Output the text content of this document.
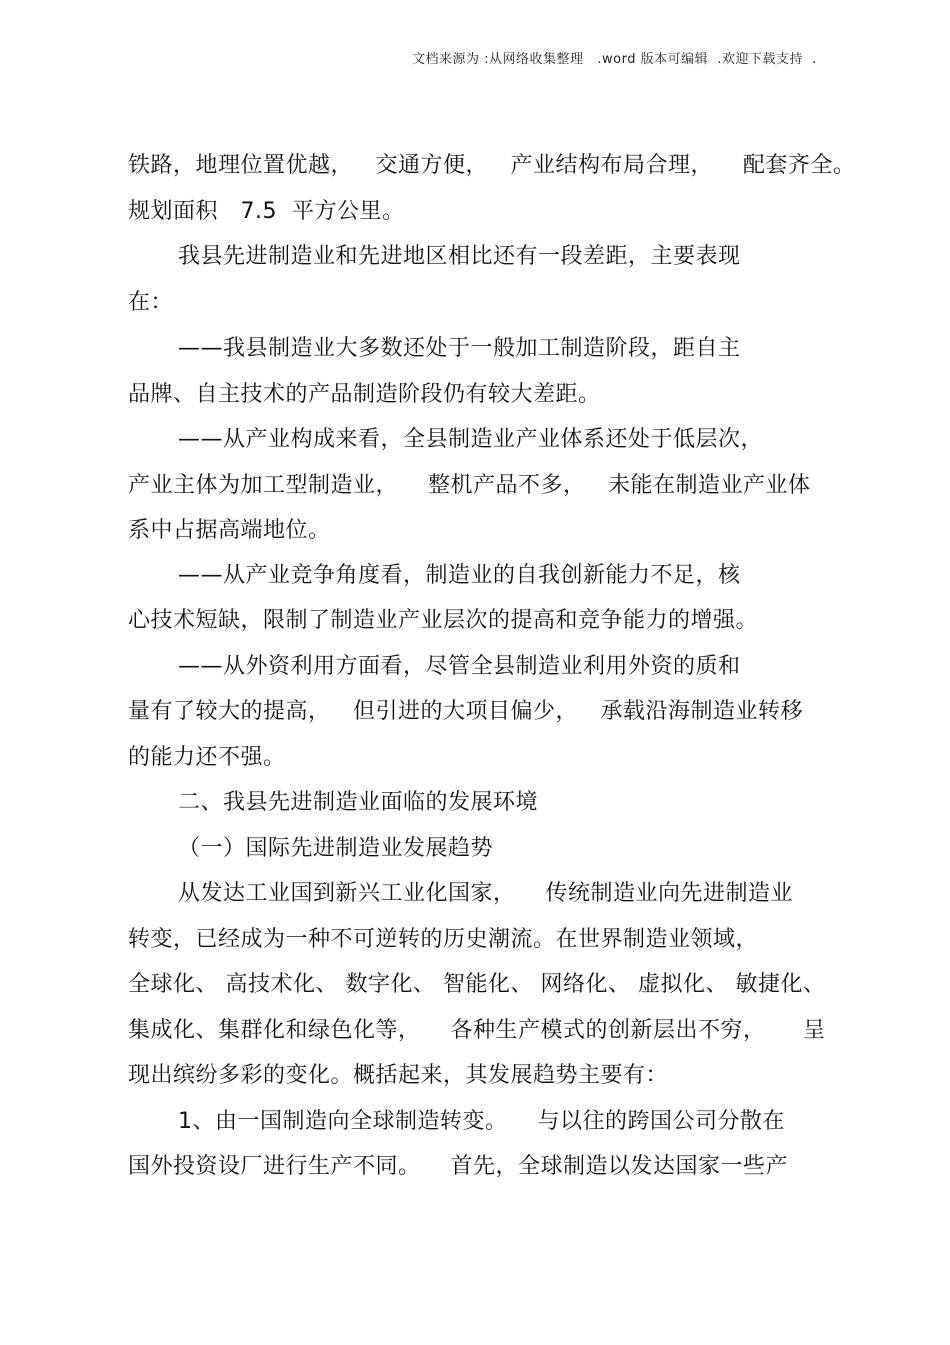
文档来源为 :从网络收集整理   .word 版本可编辑  .欢迎下载支持  .
铁路，地理位置优越，   交通方便，   产业结构布局合理，    配套齐全。
规划面积   7.5  平方公里。
我县先进制造业和先进地区相比还有一段差距，主要表现
在：
——我县制造业大多数还处于一般加工制造阶段，距自主
品牌、自主技术的产品制造阶段仍有较大差距。
——从产业构成来看，全县制造业产业体系还处于低层次，
产业主体为加工型制造业，    整机产品不多，   未能在制造业产业体
系中占据高端地位。
——从产业竞争角度看，制造业的自我创新能力不足，核
心技术短缺，限制了制造业产业层次的提高和竞争能力的增强。
——从外资利用方面看，尽管全县制造业利用外资的质和
量有了较大的提高，   但引进的大项目偏少，   承载沿海制造业转移
的能力还不强。
二、我县先进制造业面临的发展环境
（一）国际先进制造业发展趋势
从发达工业国到新兴工业化国家，    传统制造业向先进制造业
转变，已经成为一种不可逆转的历史潮流。在世界制造业领域，
全球化、 高技术化、 数字化、 智能化、 网络化、 虚拟化、 敏捷化、
集成化、集群化和绿色化等，    各种生产模式的创新层出不穷，     呈
现出缤纷多彩的变化。概括起来，其发展趋势主要有：
1、由一国制造向全球制造转变。    与以往的跨国公司分散在
国外投资设厂进行生产不同。    首先，全球制造以发达国家一些产
